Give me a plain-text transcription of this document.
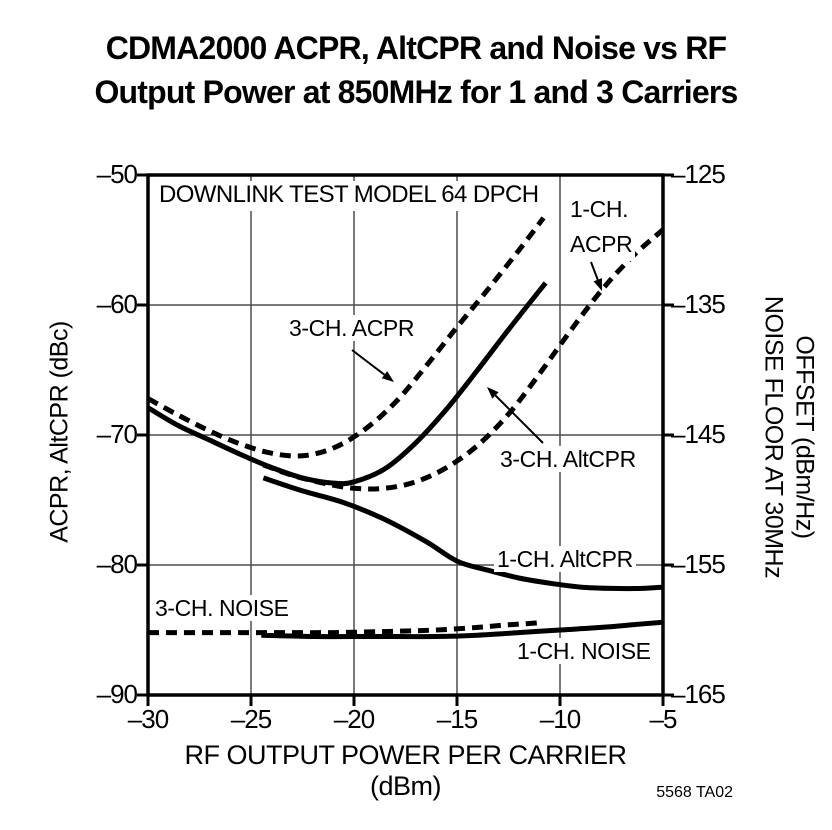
CDMA2000 ACPR, AltCPR and Noise vs RF
Output Power at 850MHz for 1 and 3 Carriers
DOWNLINK TEST MODEL 64 DPCH
RF OUTPUT POWER PER CARRIER (dBm)
ACPR, AltCPR (dBc)	NOISE FLOOR AT 30MHz OFFSET (dBm/Hz)
5568 TA02
3-CH. ACPR
1-CH.
ACPR
3-CH. AltCPR
1-CH. AltCPR
3-CH. NOISE
1-CH. NOISE
–50
–60
–70
–80
–90
–125
–135
–145
–155
–165
–30	–25	–20	–15	–10	–5
